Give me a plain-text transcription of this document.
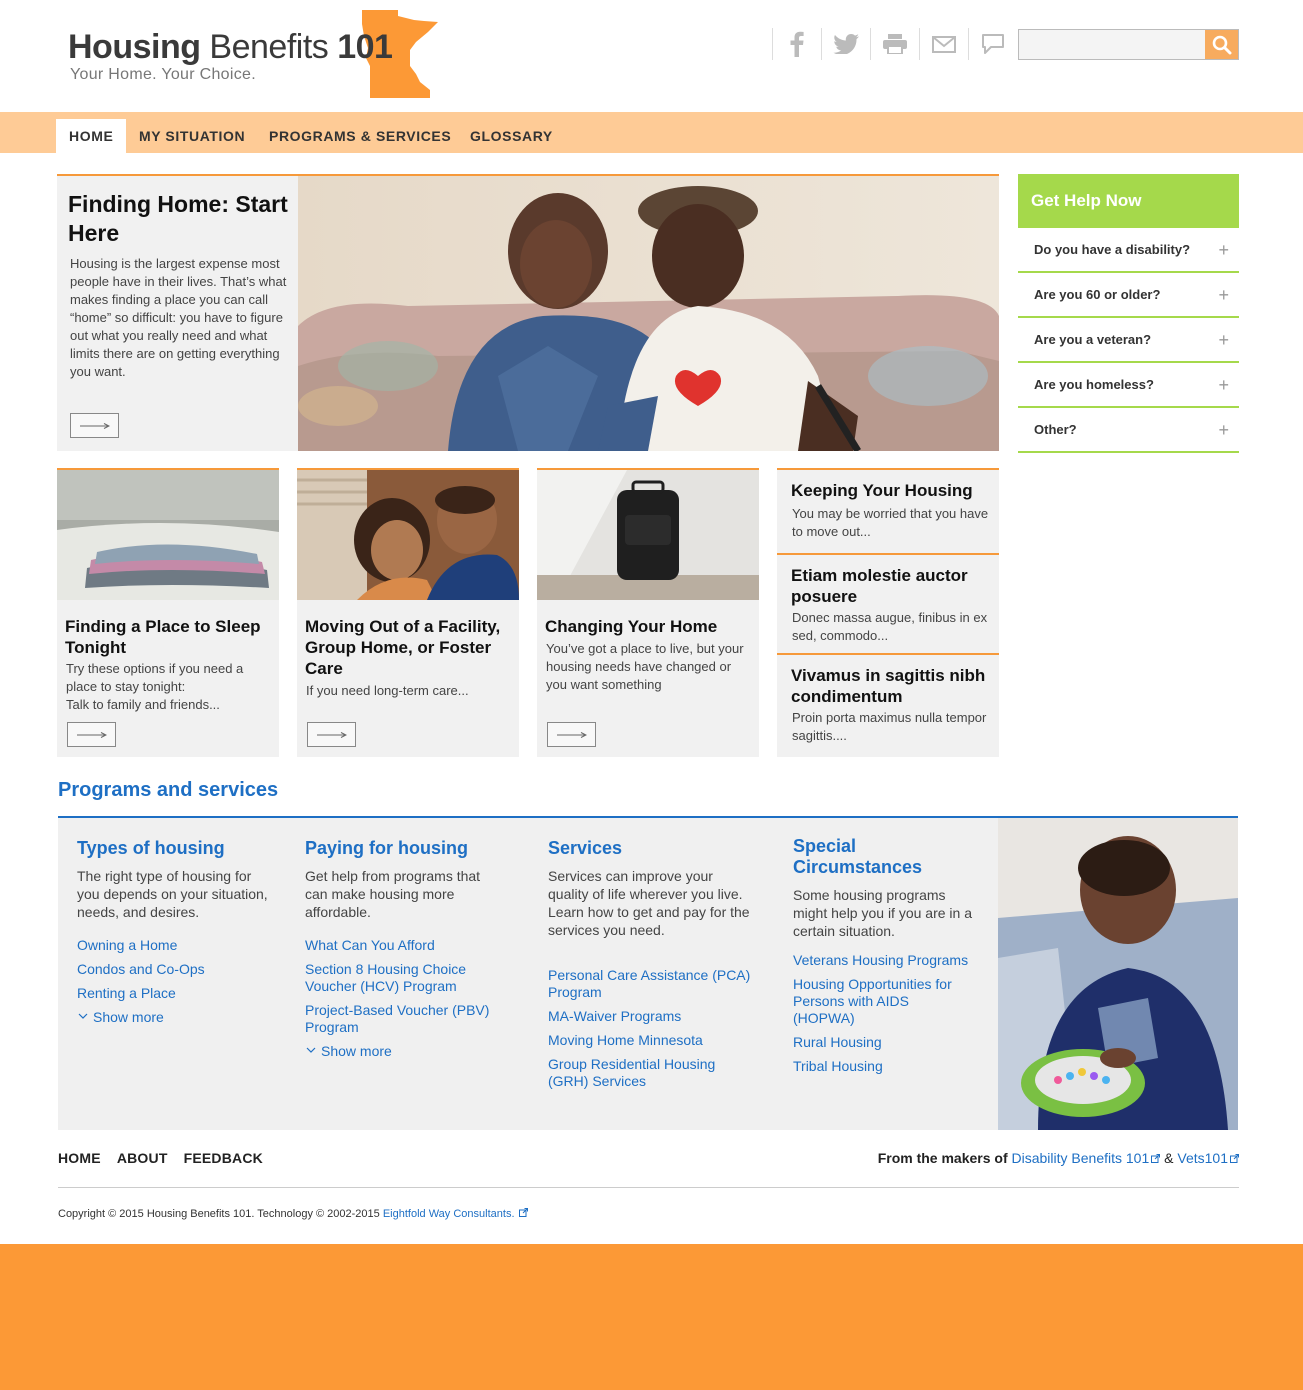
Housing Benefits 101
Your Home. Your Choice.
HOME	MY SITUATION	PROGRAMS & SERVICES	GLOSSARY
Finding Home: Start Here
Housing is the largest expense most people have in their lives. That’s what makes finding a place you can call “home” so difficult: you have to figure out what you really need and what limits there are on getting everything you want.
Finding a Place to Sleep Tonight
Try these options if you need a place to stay tonight:
Talk to family and friends...
Moving Out of a Facility, Group Home, or Foster Care
If you need long-term care...
Changing Your Home
You’ve got a place to live, but your housing needs have changed or you want something
Keeping Your Housing
You may be worried that you have to move out...
Etiam molestie auctor posuere
Donec massa augue, finibus in ex sed, commodo...
Vivamus in sagittis nibh condimentum
Proin porta maximus nulla tempor sagittis....
Get Help Now
Do you have a disability? +
Are you 60 or older?	+
Are you a veteran?	+
Are you homeless?	+
Other?	+
Programs and services
Types of housing
The right type of housing for you depends on your situation, needs, and desires.
Owning a Home
Condos and Co-Ops
Renting a Place
Show more
Paying for housing
Get help from programs that can make housing more affordable.
What Can You Afford
Section 8 Housing Choice Voucher (HCV) Program
Project-Based Voucher (PBV) Program
Show more
Services
Services can improve your quality of life wherever you live. Learn how to get and pay for the services you need.
Personal Care Assistance (PCA) Program
MA-Waiver Programs
Moving Home Minnesota
Group Residential Housing (GRH) Services
Special Circumstances
Some housing programs might help you if you are in a certain situation.
Veterans Housing Programs
Housing Opportunities for Persons with AIDS (HOPWA)
Rural Housing
Tribal Housing
HOME ABOUT FEEDBACK	From the makers of Disability Benefits 101 & Vets101
Copyright © 2015 Housing Benefits 101. Technology © 2002-2015 Eightfold Way Consultants.
